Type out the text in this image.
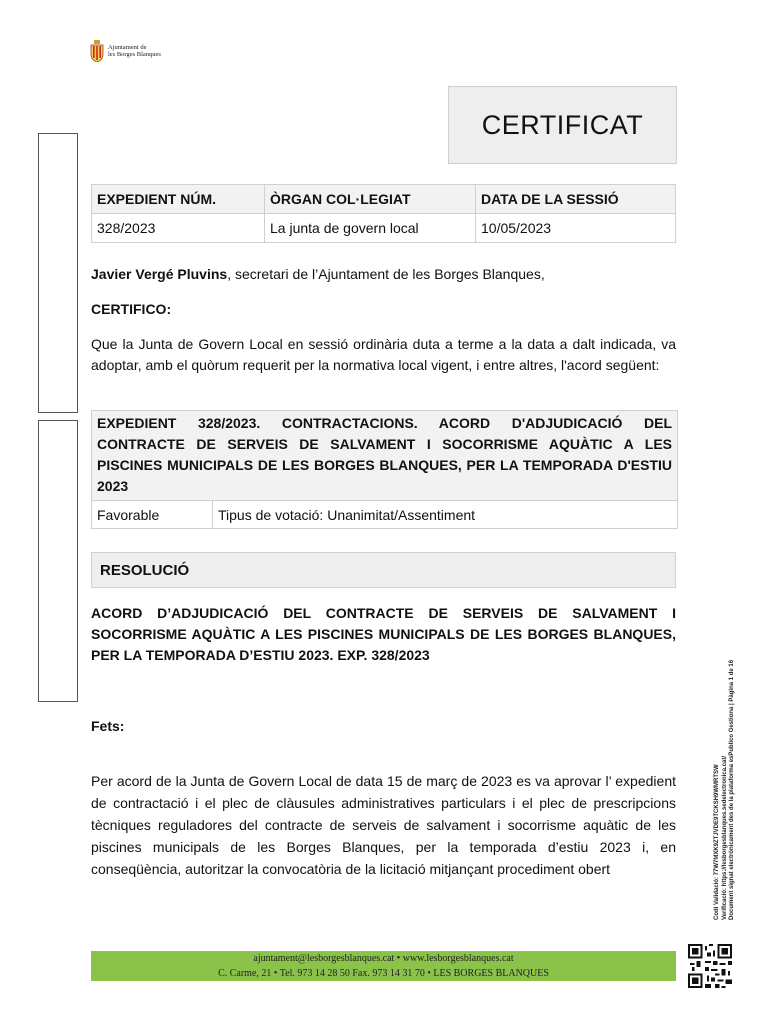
Ajuntament de
les Borges Blanques
CERTIFICAT
EXPEDIENT NÚM.	ÒRGAN COL·LEGIAT	DATA DE LA SESSIÓ
328/2023	La junta de govern local	10/05/2023
Javier Vergé Pluvins, secretari de l’Ajuntament de les Borges Blanques,
CERTIFICO:
Que la Junta de Govern Local en sessió ordinària duta a terme a la data a dalt indicada, va adoptar, amb el quòrum requerit per la normativa local vigent, i entre altres, l'acord següent:
EXPEDIENT 328/2023. CONTRACTACIONS. ACORD D'ADJUDICACIÓ DEL CONTRACTE DE SERVEIS DE SALVAMENT I SOCORRISME AQUÀTIC A LES PISCINES MUNICIPALS DE LES BORGES BLANQUES, PER LA TEMPORADA D'ESTIU 2023
Favorable	Tipus de votació: Unanimitat/Assentiment
RESOLUCIÓ
ACORD D’ADJUDICACIÓ DEL CONTRACTE DE SERVEIS DE SALVAMENT I SOCORRISME AQUÀTIC A LES PISCINES MUNICIPALS DE LES BORGES BLANQUES, PER LA TEMPORADA D’ESTIU 2023. EXP. 328/2023
Fets:
Per acord de la Junta de Govern Local de data 15 de març de 2023 es va aprovar l’ expedient de contractació i el plec de clàusules administratives particulars i el plec de prescripcions tècniques reguladores del contracte de serveis de salvament i socorrisme aquàtic de les piscines municipals de les Borges Blanques, per la temporada d’estiu 2023 i, en conseqüència, autoritzar la convocatòria de la licitació mitjançant procediment obert
ajuntament@lesborgesblanques.cat • www.lesborgesblanques.cat
C. Carme, 21 • Tel. 973 14 28 50 Fax. 973 14 31 70 • LES BORGES BLANQUES
Codi Validació: 77W7MXK9ZTJVDE9TCKSH9WMRTSW Verificació: https://lesborgesblanques.sedelectronica.cat/ Document signat electrònicament des de la plataforma esPublico Gestiona | Pàgina 1 de 16
